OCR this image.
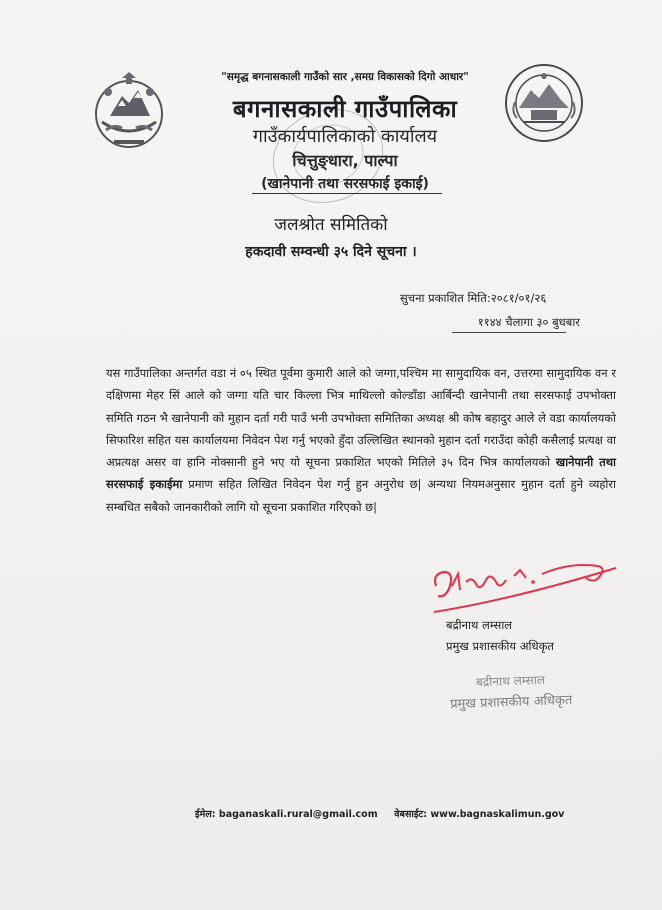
"समृद्ध बगनासकाली गाउँको सार ,समग्र विकासको दिगो आधार"
बगनासकाली गाउँपालिका
गाउँकार्यपालिकाको कार्यालय
चित्तुङ्धारा, पाल्पा
(खानेपानी तथा सरसफाई इकाई)
जलश्रोत समितिको
हकदावी सम्वन्धी ३५ दिने सूचना ।
सुचना प्रकाशित मिति:२०८१/०१/२६
११४४ चैलागा ३० बुधबार
यस गाउँपालिका अन्तर्गत वडा नं ०५ स्थित पूर्वमा कुमारी आले को जग्गा,पश्चिम मा सामुदायिक वन, उत्तरमा सामुदायिक वन र दक्षिणमा मेहर सिं आले को जग्गा यति चार किल्ला भित्र माथिल्लो कोल्डाँडा आर्बिन्दी खानेपानी तथा सरसफाई उपभोक्ता समिति गठन भै खानेपानी को मुहान दर्ता गरी पाउँ भनी उपभोक्ता समितिका अध्यक्ष श्री कोष बहादुर आले ले वडा कार्यालयको सिफारिश सहित यस कार्यालयमा निवेदन पेश गर्नु भएको हुँदा उल्लिखित स्थानको मुहान दर्ता गराउँदा कोही कसैलाई प्रत्यक्ष वा अप्रत्यक्ष असर वा हानि नोक्सानी हुने भए यो सूचना प्रकाशित भएको मितिले ३५ दिन भित्र कार्यालयको खानेपानी तथा सरसफाई इकाईमा प्रमाण सहित लिखित निवेदन पेश गर्नु हुन अनुरोध छ| अन्यथा नियमअनुसार मुहान दर्ता हुने व्यहोरा सम्बधित सबैको जानकारीको लागि यो सूचना प्रकाशित गरिएको छ|
बद्रीनाथ लम्साल
प्रमुख प्रशासकीय अधिकृत
बद्रीनाथ लम्साल
प्रमुख प्रशासकीय अधिकृत
ईमेल: baganaskali.rural@gmail.com वेबसाईट: www.bagnaskalimun.gov
